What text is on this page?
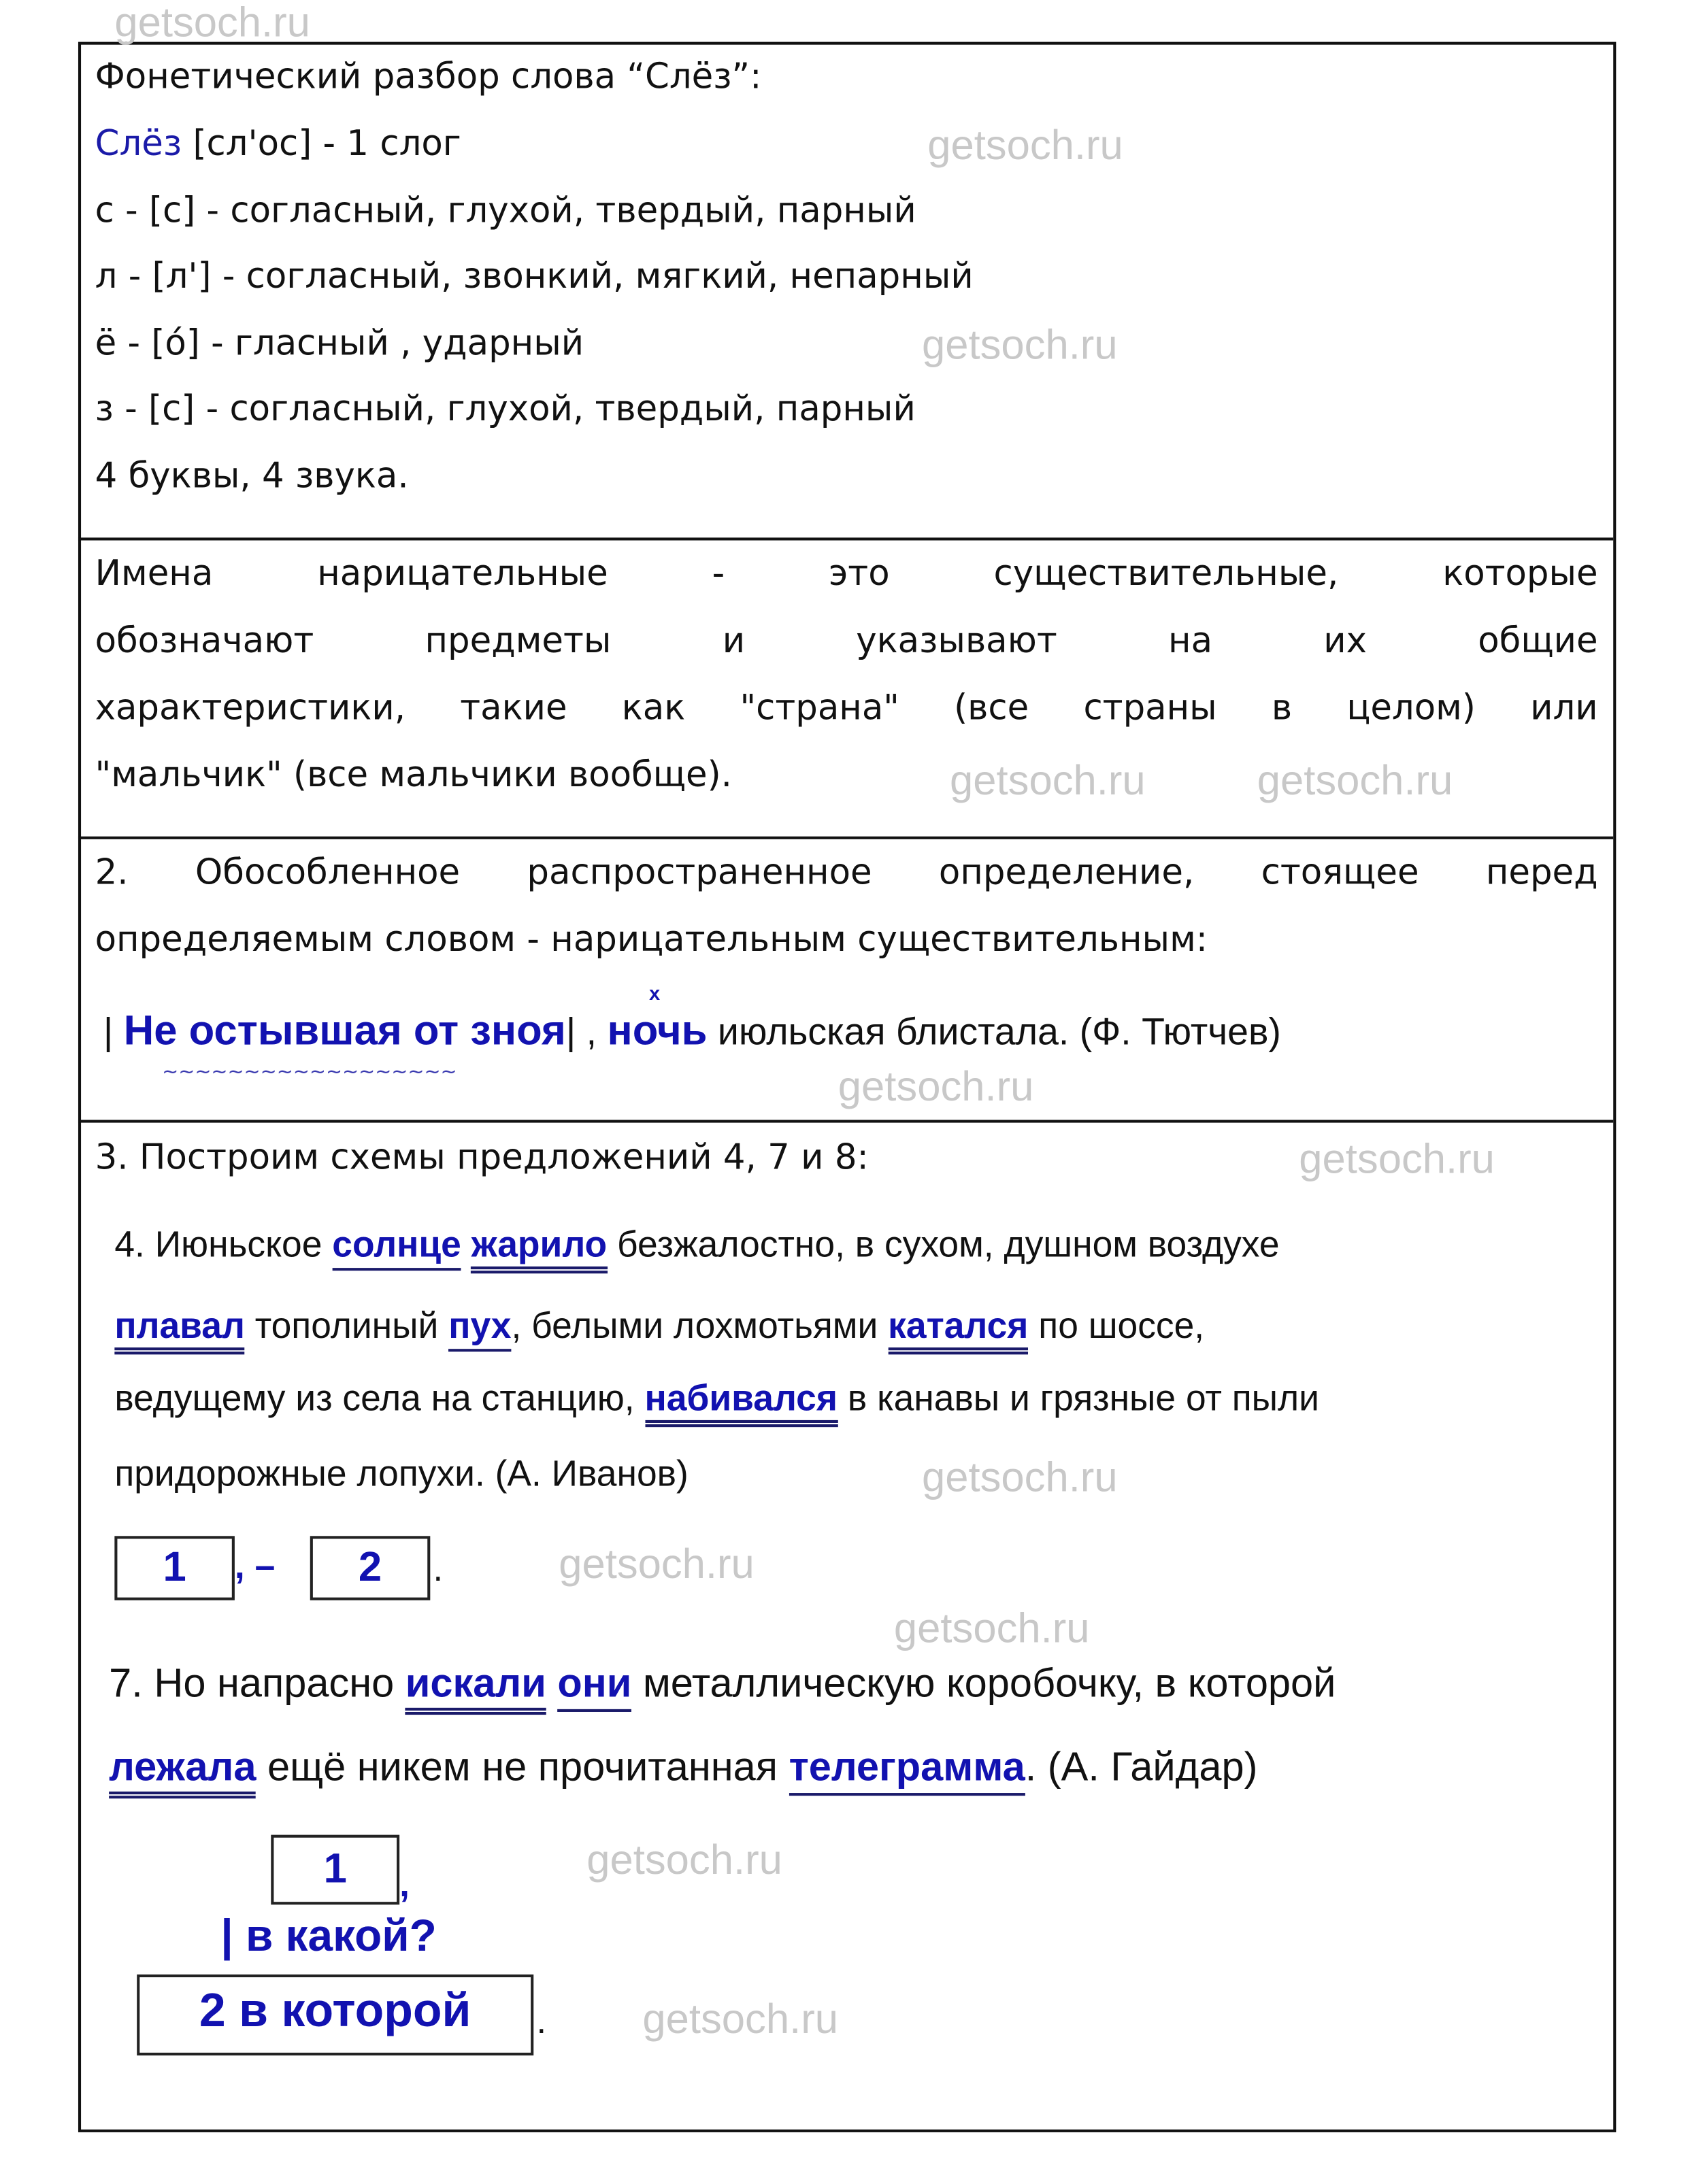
getsoch.ru
getsoch.ru
getsoch.ru
getsoch.ru
getsoch.ru
getsoch.ru
getsoch.ru
getsoch.ru
getsoch.ru
getsoch.ru
getsoch.ru
getsoch.ru
Фонетический разбор слова “Слёз”:
Слёз [сл'ос] - 1 слог
с - [с] - согласный, глухой, твердый, парный
л - [л'] - согласный, звонкий, мягкий, непарный
ё - [о́] - гласный , ударный
з - [с] - согласный, глухой, твердый, парный
4 буквы, 4 звука.
Имена	нарицательные	-	это	существительные,	которые
обозначают	предметы	и	указывают	на	их	общие
характеристики,	такие	как	"страна"	(все	страны	в	целом)	или
"мальчик" (все мальчики вообще).
2.	Обособленное	распространенное	определение,	стоящее	перед
определяемым словом - нарицательным существительным:
| Не остывшая от зноя| , ночь
x
июльская блистала. (Ф. Тютчев)
~~~~~~~~~~~~~~~~~~
3. Построим схемы предложений 4, 7 и 8:
4. Июньское солнце жарило безжалостно, в сухом, душном воздухе
плавал тополиный пух, белыми лохмотьями катался по шоссе,
ведущему из села на станцию, набивался в канавы и грязные от пыли
придорожные лопухи. (А. Иванов)
1	, –	2	.
7. Но напрасно искали они металлическую коробочку, в которой
лежала ещё никем не прочитанная телеграмма. (А. Гайдар)
1	,
| в какой?
2 в которой	.
